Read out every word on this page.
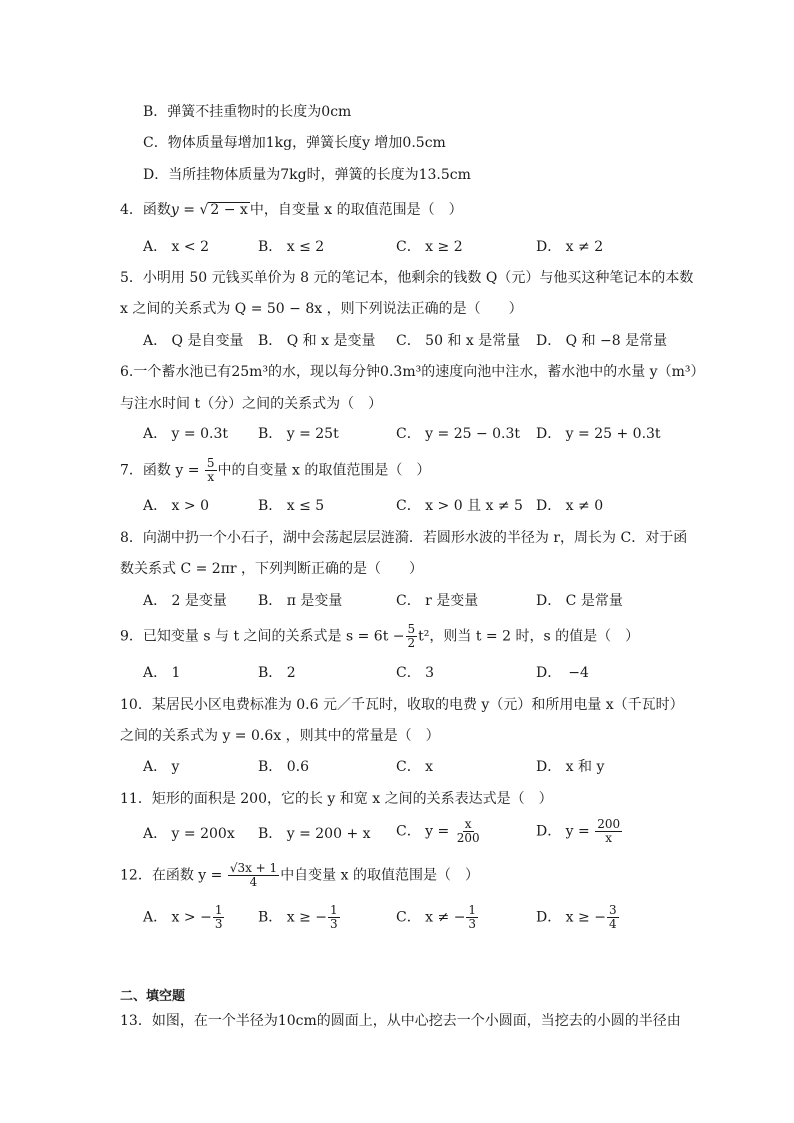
B．弹簧不挂重物时的长度为0cm
C．物体质量每增加1kg，弹簧长度y 增加0.5cm
D．当所挂物体质量为7kg时，弹簧的长度为13.5cm
4．函数y = √ 2 − x 中，自变量 x 的取值范围是（　）
A． x < 2	B． x ≤ 2	C． x ≥ 2	D． x ≠ 2
5．小明用 50 元钱买单价为 8 元的笔记本，他剩余的钱数 Q（元）与他买这种笔记本的本数
x 之间的关系式为 Q = 50 − 8x ，则下列说法正确的是（　　）
A． Q 是自变量 B． Q 和 x 是变量 C． 50 和 x 是常量 D． Q 和 −8 是常量
6.一个蓄水池已有25m³的水，现以每分钟0.3m³的速度向池中注水，蓄水池中的水量 y（m³）
与注水时间 t（分）之间的关系式为（　）
A． y = 0.3t B． y = 25t	C． y = 25 − 0.3t D． y = 25 + 0.3t
7．函数 $y = \frac{5}{x}$ 中的自变量 x 的取值范围是（　）
A． x > 0	B． x ≤ 5	C． x > 0 且 x ≠ 5 D． x ≠ 0
8．向湖中扔一个小石子，湖中会荡起层层涟漪．若圆形水波的半径为 r，周长为 C．对于函
数关系式 C = 2πr ，下列判断正确的是（　　）
A． 2 是变量 B． π 是变量	C． r 是变量	D． C 是常量
9．已知变量 s 与 t 之间的关系式是 $s = 6t - \frac{5}{2} t^2$，则当 t = 2 时，s 的值是（　）
A． 1	B． 2	C． 3	D．　−4
10．某居民小区电费标准为 0.6 元／千瓦时，收取的电费 y（元）和所用电量 x（千瓦时）
之间的关系式为 y = 0.6x ，则其中的常量是（　）
A． y	B． 0.6	C． x	D． x 和 y
11．矩形的面积是 200，它的长 y 和宽 x 之间的关系表达式是（　）
A． y = 200x B． y = 200 + x C． $y = \frac{x}{200}$	D． $y = \frac{200}{x}$
12．在函数 $y = \frac{√3x + 1}{4}$ 中自变量 x 的取值范围是（　）
A． x > − $\frac{1}{3}$ B． x ≥ − $\frac{1}{3}$	C． x ≠ − $\frac{1}{3}$	D． x ≥ − $\frac{3}{4}$
二、填空题
13．如图，在一个半径为10cm的圆面上，从中心挖去一个小圆面，当挖去的小圆的半径由
